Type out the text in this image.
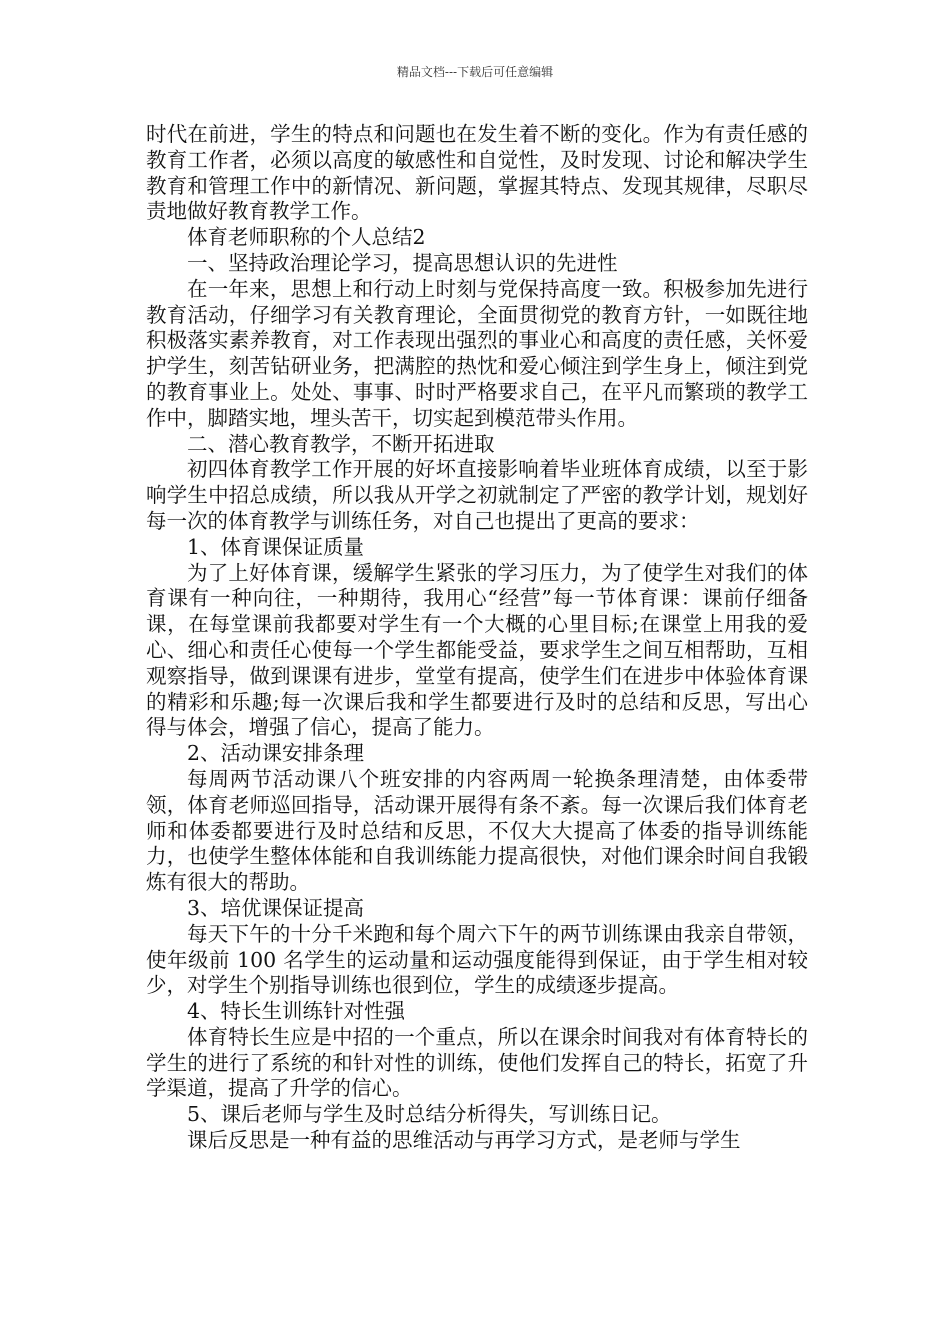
精品文档---下载后可任意编辑

时代在前进，学生的特点和问题也在发生着不断的变化。作为有责任感的教育工作者，必须以高度的敏感性和自觉性，及时发现、讨论和解决学生教育和管理工作中的新情况、新问题，掌握其特点、发现其规律，尽职尽责地做好教育教学工作。

体育老师职称的个人总结2

一、坚持政治理论学习，提高思想认识的先进性

在一年来，思想上和行动上时刻与党保持高度一致。积极参加先进行教育活动，仔细学习有关教育理论，全面贯彻党的教育方针，一如既往地积极落实素养教育，对工作表现出强烈的事业心和高度的责任感，关怀爱护学生，刻苦钻研业务，把满腔的热忱和爱心倾注到学生身上，倾注到党的教育事业上。处处、事事、时时严格要求自己，在平凡而繁琐的教学工作中，脚踏实地，埋头苦干，切实起到模范带头作用。

二、潜心教育教学，不断开拓进取

初四体育教学工作开展的好坏直接影响着毕业班体育成绩，以至于影响学生中招总成绩，所以我从开学之初就制定了严密的教学计划，规划好每一次的体育教学与训练任务，对自己也提出了更高的要求：

1、体育课保证质量

为了上好体育课，缓解学生紧张的学习压力，为了使学生对我们的体育课有一种向往，一种期待，我用心“经营”每一节体育课：课前仔细备课，在每堂课前我都要对学生有一个大概的心里目标;在课堂上用我的爱心、细心和责任心使每一个学生都能受益，要求学生之间互相帮助，互相观察指导，做到课课有进步，堂堂有提高，使学生们在进步中体验体育课的精彩和乐趣;每一次课后我和学生都要进行及时的总结和反思，写出心得与体会，增强了信心，提高了能力。

2、活动课安排条理

每周两节活动课八个班安排的内容两周一轮换条理清楚，由体委带领，体育老师巡回指导，活动课开展得有条不紊。每一次课后我们体育老师和体委都要进行及时总结和反思，不仅大大提高了体委的指导训练能力，也使学生整体体能和自我训练能力提高很快，对他们课余时间自我锻炼有很大的帮助。

3、培优课保证提高

每天下午的十分千米跑和每个周六下午的两节训练课由我亲自带领，使年级前 100 名学生的运动量和运动强度能得到保证，由于学生相对较少，对学生个别指导训练也很到位，学生的成绩逐步提高。

4、特长生训练针对性强

体育特长生应是中招的一个重点，所以在课余时间我对有体育特长的学生的进行了系统的和针对性的训练，使他们发挥自己的特长，拓宽了升学渠道，提高了升学的信心。

5、课后老师与学生及时总结分析得失，写训练日记。

课后反思是一种有益的思维活动与再学习方式，是老师与学生
